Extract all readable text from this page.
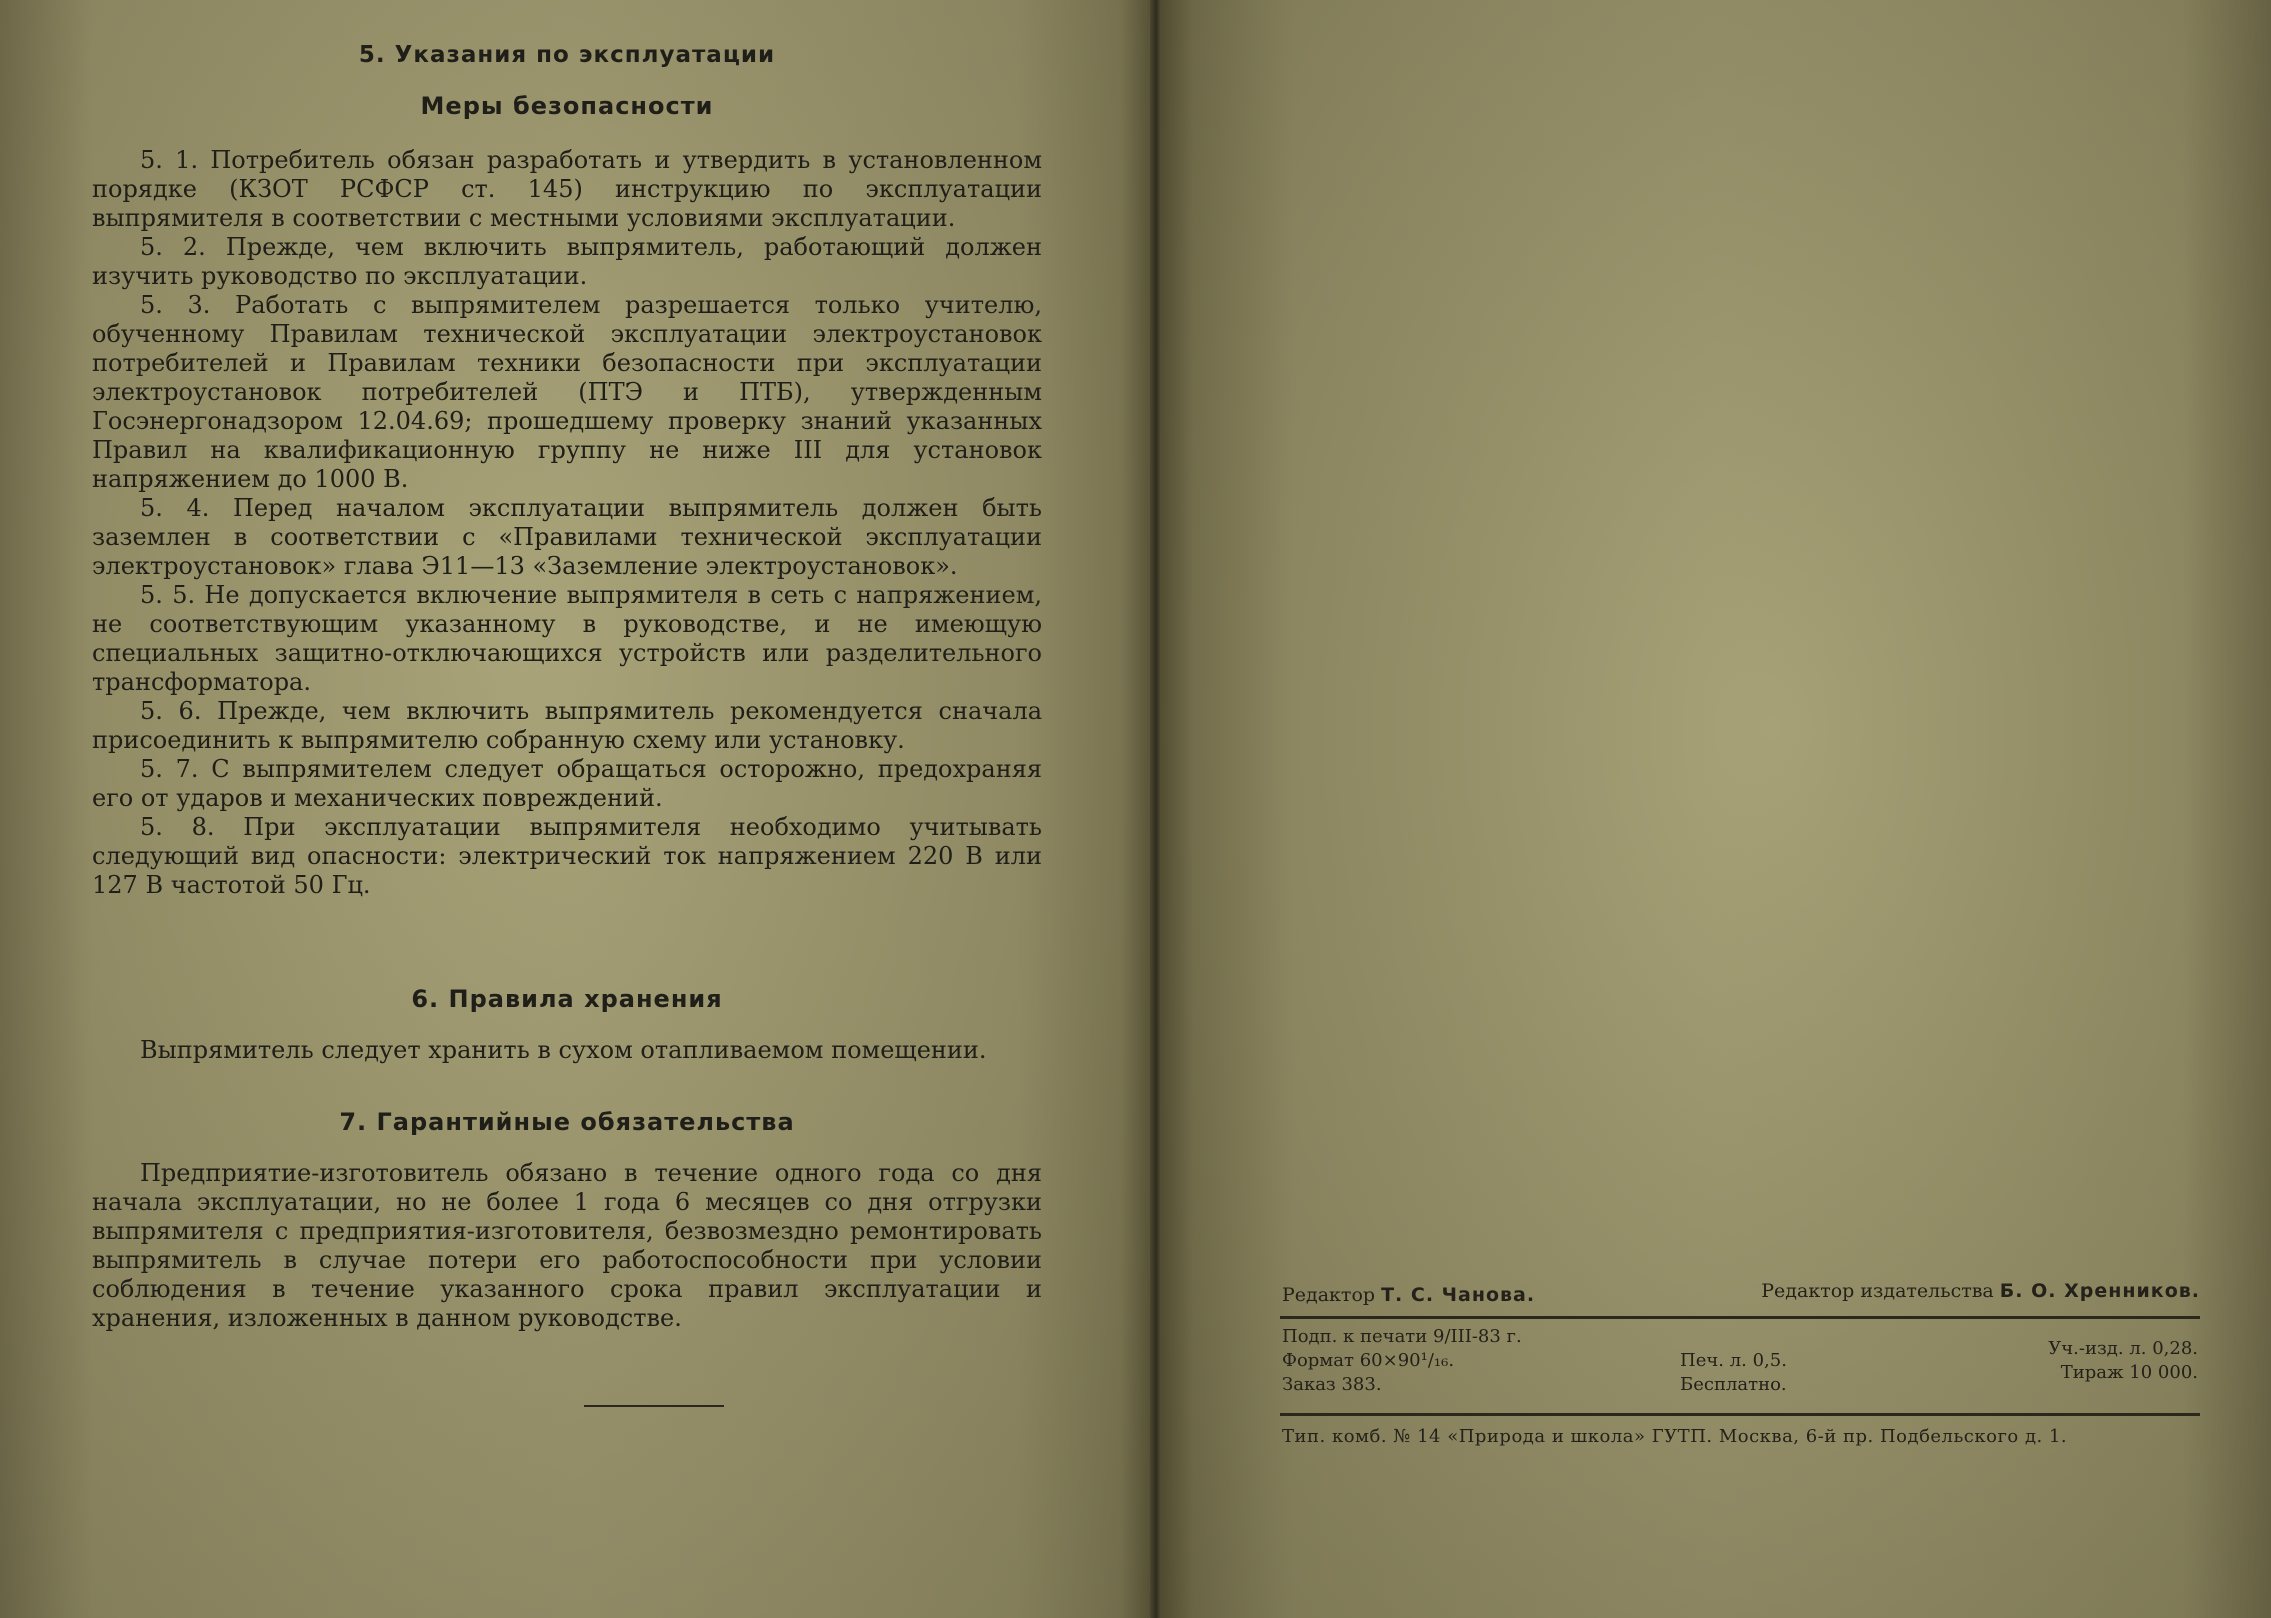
5. Указания по эксплуатации
Меры безопасности

5. 1. Потребитель обязан разработать и утвердить в установленном порядке (КЗОТ РСФСР ст. 145) инструкцию по эксплуатации выпрямителя в соответствии с местными условиями эксплуатации.

5. 2. Прежде, чем включить выпрямитель, работающий должен изучить руководство по эксплуатации.

5. 3. Работать с выпрямителем разрешается только учителю, обученному Правилам технической эксплуатации электроустановок потребителей и Правилам техники безопасности при эксплуатации электроустановок потребителей (ПТЭ и ПТБ), утвержденным Госэнергонадзором 12.04.69; прошедшему проверку знаний указанных Правил на квалификационную группу не ниже III для установок напряжением до 1000 В.

5. 4. Перед началом эксплуатации выпрямитель должен быть заземлен в соответствии с «Правилами технической эксплуатации электроустановок» глава Э11—13 «Заземление электроустановок».

5. 5. Не допускается включение выпрямителя в сеть с напряжением, не соответствующим указанному в руководстве, и не имеющую специальных защитно-отключающихся устройств или разделительного трансформатора.

5. 6. Прежде, чем включить выпрямитель рекомендуется сначала присоединить к выпрямителю собранную схему или установку.

5. 7. С выпрямителем следует обращаться осторожно, предохраняя его от ударов и механических повреждений.

5. 8. При эксплуатации выпрямителя необходимо учитывать следующий вид опасности: электрический ток напряжением 220 В или 127 В частотой 50 Гц.

6. Правила хранения

Выпрямитель следует хранить в сухом отапливаемом помещении.

7. Гарантийные обязательства

Предприятие-изготовитель обязано в течение одного года со дня начала эксплуатации, но не более 1 года 6 месяцев со дня отгрузки выпрямителя с предприятия-изготовителя, безвозмездно ремонтировать выпрямитель в случае потери его работоспособности при условии соблюдения в течение указанного срока правил эксплуатации и хранения, изложенных в данном руководстве.

Редактор Т. С. Чанова.	Редактор издательства Б. О. Хренников.
Подп. к печати 9/III-83 г.
Формат 60×90¹/₁₆.
Заказ 383.
Печ. л. 0,5.
Бесплатно.
Уч.-изд. л. 0,28.
Тираж 10 000.
Тип. комб. № 14 «Природа и школа» ГУТП. Москва, 6-й пр. Подбельского д. 1.
